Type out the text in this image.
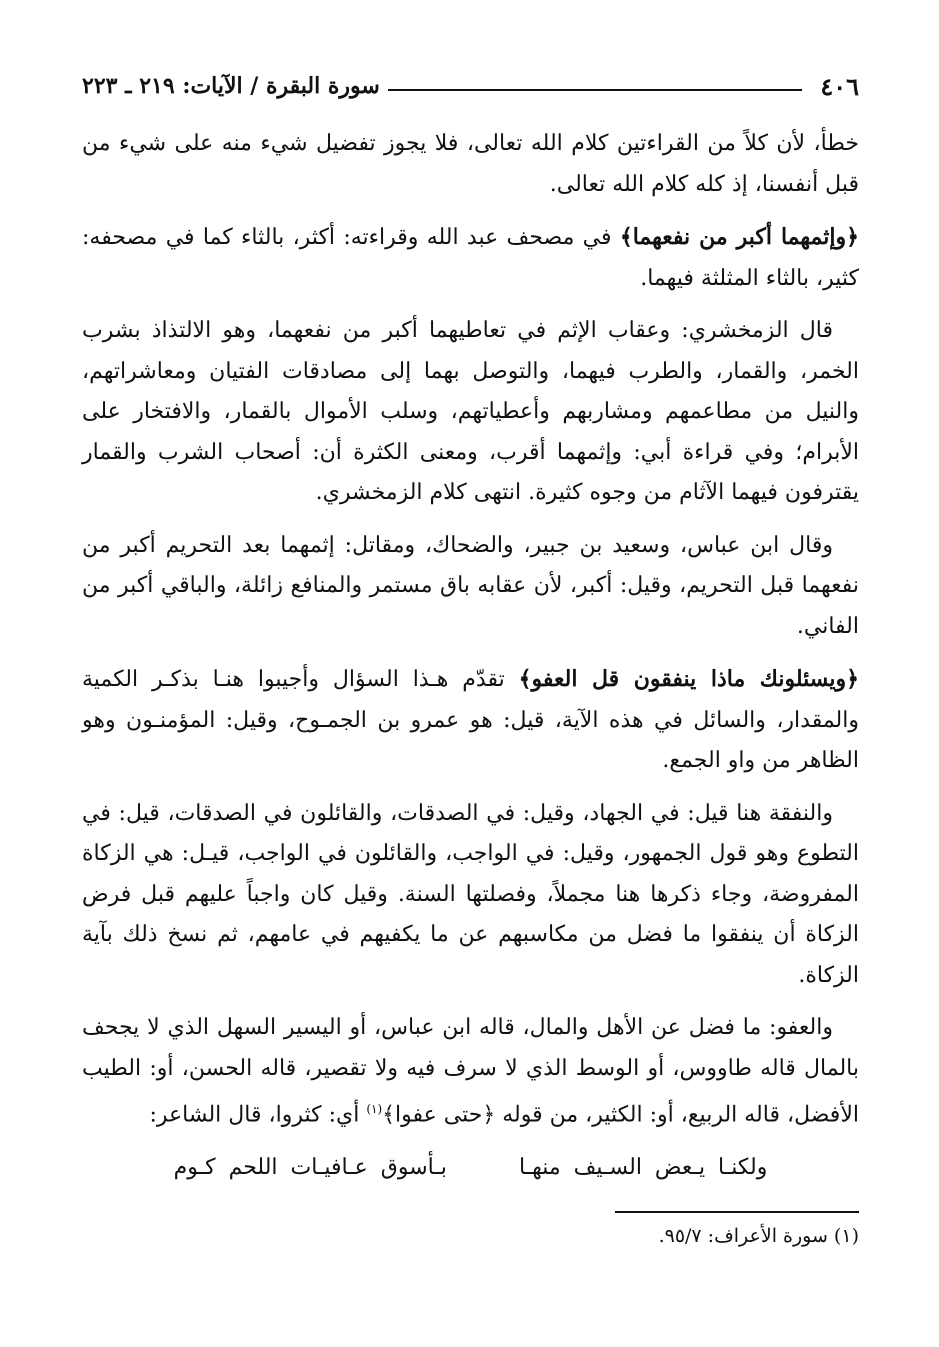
٤٠٦
سورة البقرة / الآيات: ٢١٩ ـ ٢٢٣

خطأ، لأن كلاً من القراءتين كلام الله تعالى، فلا يجوز تفضيل شيء منه على شيء من قبل أنفسنا، إذ كله كلام الله تعالى.

﴿وإثمهما أكبر من نفعهما﴾ في مصحف عبد الله وقراءته: أكثر، بالثاء كما في مصحفه: كثير، بالثاء المثلثة فيهما.

قال الزمخشري: وعقاب الإثم في تعاطيهما أكبر من نفعهما، وهو الالتذاذ بشرب الخمر، والقمار، والطرب فيهما، والتوصل بهما إلى مصادقات الفتيان ومعاشراتهم، والنيل من مطاعمهم ومشاربهم وأعطياتهم، وسلب الأموال بالقمار، والافتخار على الأبرام؛ وفي قراءة أبي: وإثمهما أقرب، ومعنى الكثرة أن: أصحاب الشرب والقمار يقترفون فيهما الآثام من وجوه كثيرة. انتهى كلام الزمخشري.

وقال ابن عباس، وسعيد بن جبير، والضحاك، ومقاتل: إثمهما بعد التحريم أكبر من نفعهما قبل التحريم، وقيل: أكبر، لأن عقابه باق مستمر والمنافع زائلة، والباقي أكبر من الفاني.

﴿ويسئلونك ماذا ينفقون قل العفو﴾ تقدّم هـذا السؤال وأجيبوا هنـا بذكـر الكمية والمقدار، والسائل في هذه الآية، قيل: هو عمرو بن الجمـوح، وقيل: المؤمنـون وهو الظاهر من واو الجمع.

والنفقة هنا قيل: في الجهاد، وقيل: في الصدقات، والقائلون في الصدقات، قيل: في التطوع وهو قول الجمهور، وقيل: في الواجب، والقائلون في الواجب، قيـل: هي الزكاة المفروضة، وجاء ذكرها هنا مجملاً، وفصلتها السنة. وقيل كان واجباً عليهم قبل فرض الزكاة أن ينفقوا ما فضل من مكاسبهم عن ما يكفيهم في عامهم، ثم نسخ ذلك بآية الزكاة.

والعفو: ما فضل عن الأهل والمال، قاله ابن عباس، أو اليسير السهل الذي لا يجحف بالمال قاله طاووس، أو الوسط الذي لا سرف فيه ولا تقصير، قاله الحسن، أو: الطيب الأفضل، قاله الربيع، أو: الكثير، من قوله ﴿حتى عفوا﴾$^{(١)}$ أي: كثروا، قال الشاعر:

ولكنـا يـعض السـيف منهـابـأسوق عـافيـات اللحم كـوم
(١) سورة الأعراف: ٩٥/٧.
